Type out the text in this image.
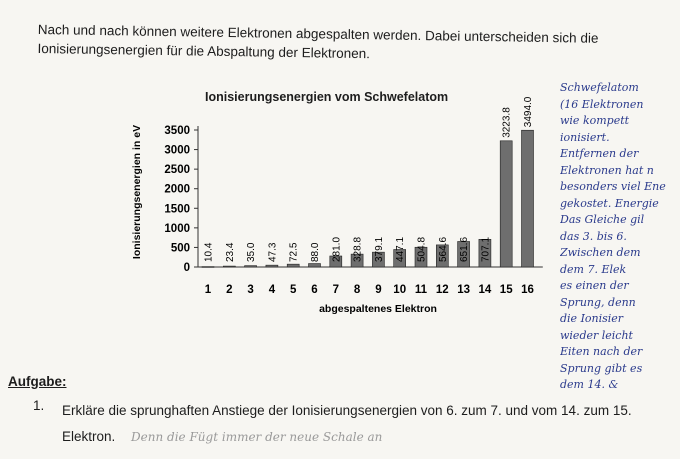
Nach und nach können weitere Elektronen abgespalten werden. Dabei unterscheiden sich die Ionisierungsenergien für die Abspaltung der Elektronen.
Ionisierungsenergien vom Schwefelatom
0
500
1000
1500
2000
2500
3000
3500
1
10.4
2
23.4
3
35.0
4
47.3
5
72.5
6
88.0
7
281.0
8
328.8
9
379.1
10
447.1
11
504.8
12
564.6
13
651.6
14
707.1
15
3223.8
16
3494.0
Ionisierungsenergien in eV
abgespaltenes Elektron
Schwefelatom
(16 Elektronen
wie kompett
ionisiert.
Entfernen der
Elektronen hat n
besonders viel Ene
gekostet. Energie
Das Gleiche gil
das 3. bis 6.
Zwischen dem
dem 7. Elek
es einen der
Sprung, denn
die Ionisier
wieder leicht
Eiten nach der
Sprung gibt es
dem 14. &
Aufgabe:
1. Erkläre die sprunghaften Anstiege der Ionisierungsenergien von 6. zum 7. und vom 14. zum 15. Elektron. Denn die Fügt immer der neue Schale an
